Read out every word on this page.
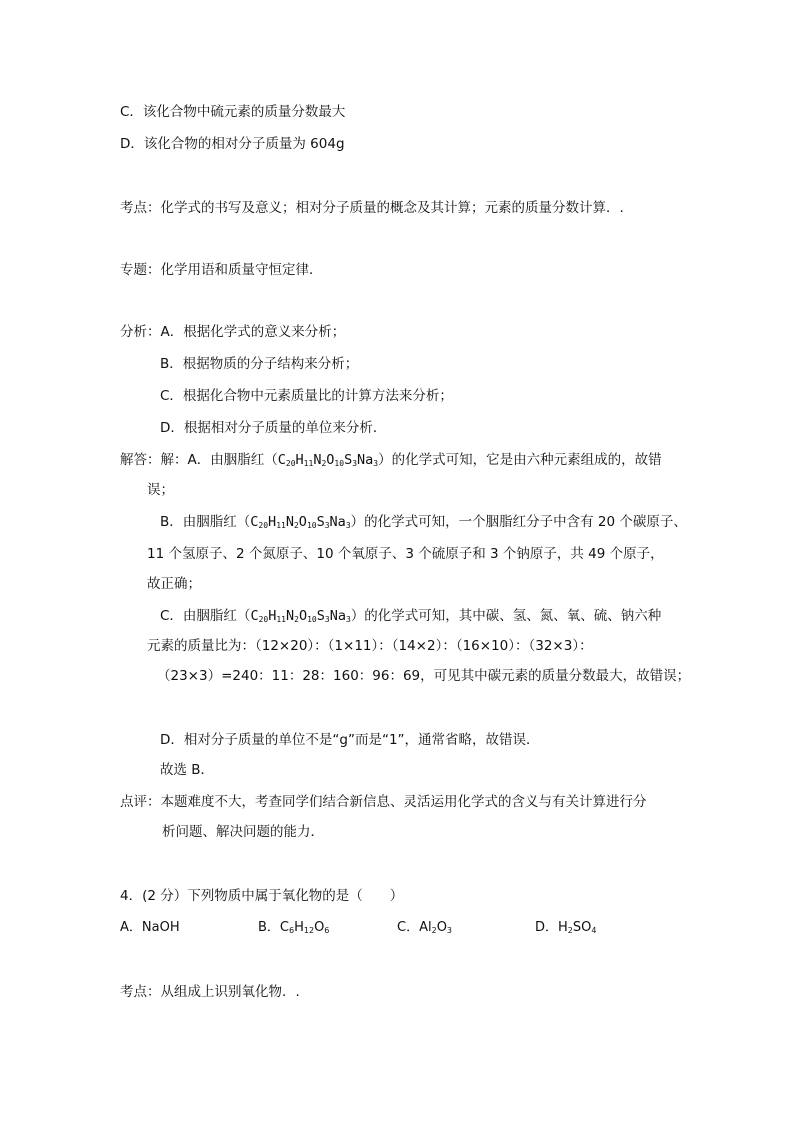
C．该化合物中硫元素的质量分数最大
D．该化合物的相对分子质量为 604g
考点：化学式的书写及意义；相对分子质量的概念及其计算；元素的质量分数计算．.
专题：化学用语和质量守恒定律．
分析：A．根据化学式的意义来分析；
B．根据物质的分子结构来分析；
C．根据化合物中元素质量比的计算方法来分析；
D．根据相对分子质量的单位来分析．
解答：解：A．由胭脂红$(C_{20}H_{11}N_2O_{10}S_3Na_3)$的化学式可知，它是由六种元素组成的，故错
误；
B．由胭脂红$(C_{20}H_{11}N_2O_{10}S_3Na_3)$的化学式可知，一个胭脂红分子中含有 20 个碳原子、
11 个氢原子、2 个氮原子、10 个氧原子、3 个硫原子和 3 个钠原子，共 49 个原子，
故正确；
C．由胭脂红$(C_{20}H_{11}N_2O_{10}S_3Na_3)$的化学式可知，其中碳、氢、氮、氧、硫、钠六种
元素的质量比为：（12×20）：（1×11）：（14×2）：（16×10）：（32×3）：
（23×3）=240：11：28：160：96：69，可见其中碳元素的质量分数最大，故错误；
D．相对分子质量的单位不是“g”而是“1”，通常省略，故错误．
故选 B．
点评：本题难度不大，考查同学们结合新信息、灵活运用化学式的含义与有关计算进行分
析问题、解决问题的能力．
4．(2 分）下列物质中属于氧化物的是（　　）
A．NaOH	B．$C_6H_{12}O_6$	C．$Al_2O_3$	D．$H_2SO_4$
考点：从组成上识别氧化物．.
